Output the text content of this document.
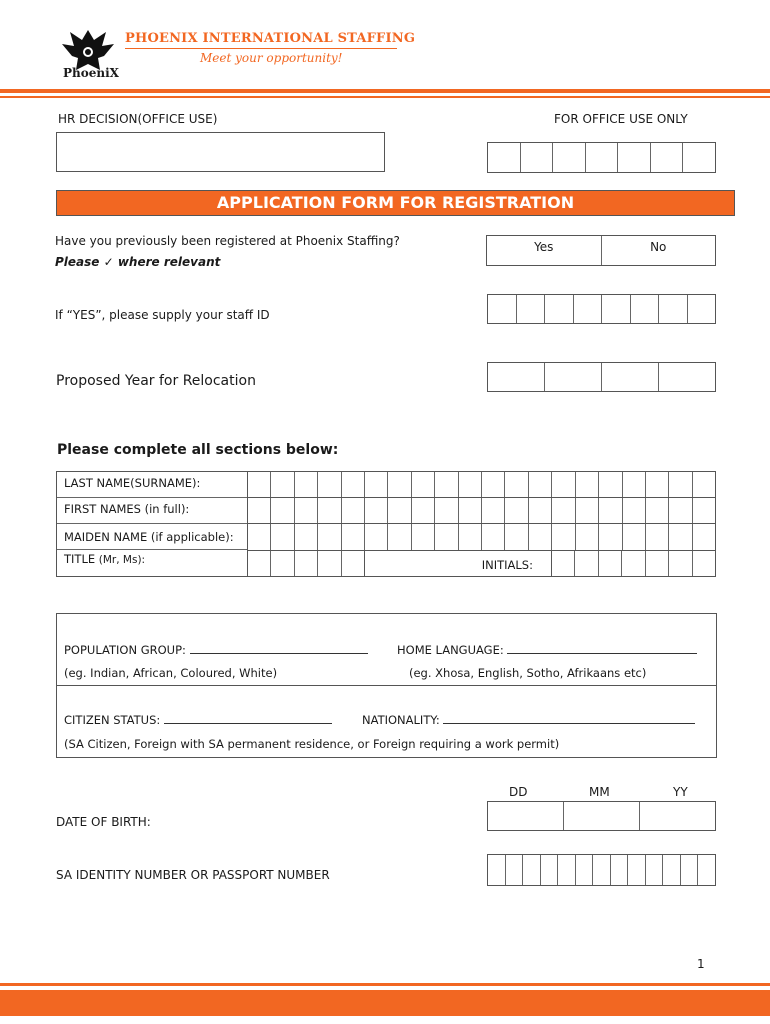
PhoeniX
PHOENIX INTERNATIONAL STAFFING
Meet your opportunity!
HR DECISION(OFFICE USE)	FOR OFFICE USE ONLY
APPLICATION FORM FOR REGISTRATION
Have you previously been registered at Phoenix Staffing?
Please ✓ where relevant
Yes	No
If “YES”, please supply your staff ID
Proposed Year for Relocation
Please complete all sections below:
LAST NAME(SURNAME):
FIRST NAMES (in full):
MAIDEN NAME (if applicable):
TITLE (Mr, Ms):	INITIALS:
POPULATION GROUP:	HOME LANGUAGE:
(eg. Indian, African, Coloured, White)	(eg. Xhosa, English, Sotho, Afrikaans etc)
CITIZEN STATUS:	NATIONALITY:
(SA Citizen, Foreign with SA permanent residence, or Foreign requiring a work permit)
DD	MM	YY
DATE OF BIRTH:
SA IDENTITY NUMBER OR PASSPORT NUMBER
1
